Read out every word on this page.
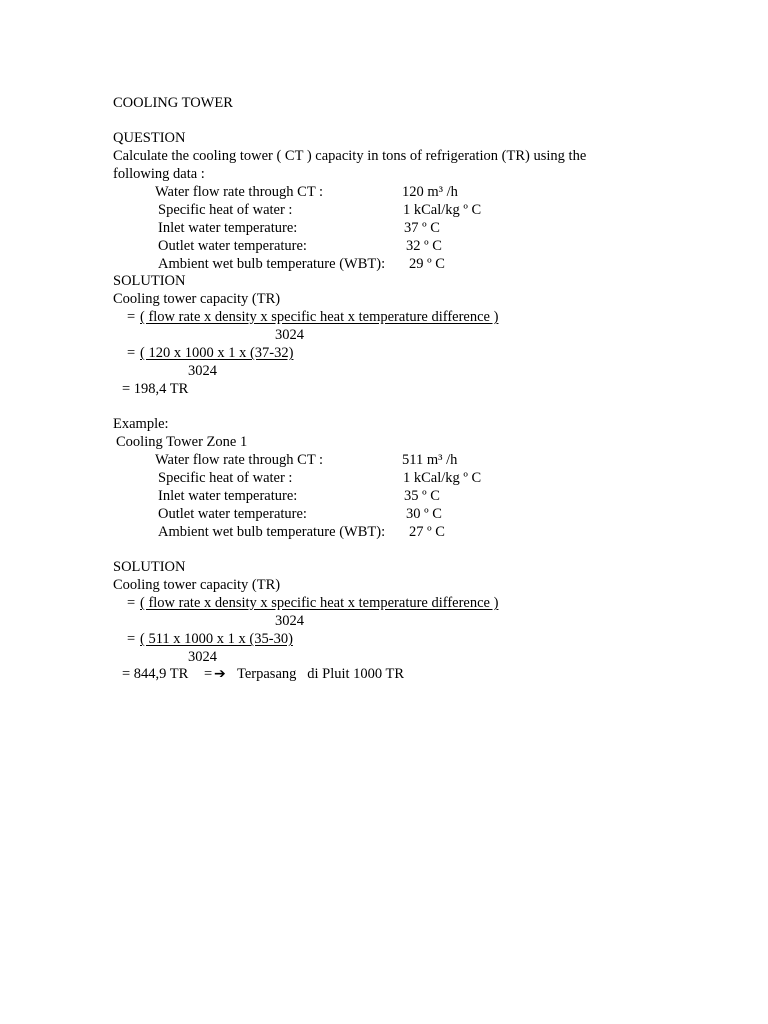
COOLING TOWER
QUESTION
Calculate the cooling tower ( CT ) capacity in tons of refrigeration (TR) using the
following data :
Water flow rate through CT :	120 m³ /h
Specific heat of water :	1 kCal/kg º C
Inlet water temperature:	37 º C
Outlet water temperature:	32 º C
Ambient wet bulb temperature (WBT): 29 º C
SOLUTION
Cooling tower capacity (TR)
= ( flow rate x density x specific heat x temperature difference )
3024
= ( 120 x 1000 x 1 x (37-32)
3024
= 198,4 TR
Example:
Cooling Tower Zone 1
Water flow rate through CT :	511 m³ /h
Specific heat of water :	1 kCal/kg º C
Inlet water temperature:	35 º C
Outlet water temperature:	30 º C
Ambient wet bulb temperature (WBT): 27 º C
SOLUTION
Cooling tower capacity (TR)
= ( flow rate x density x specific heat x temperature difference )
3024
= ( 511 x 1000 x 1 x (35-30)
3024
= 844,9 TR = ➔ Terpasang   di Pluit 1000 TR
